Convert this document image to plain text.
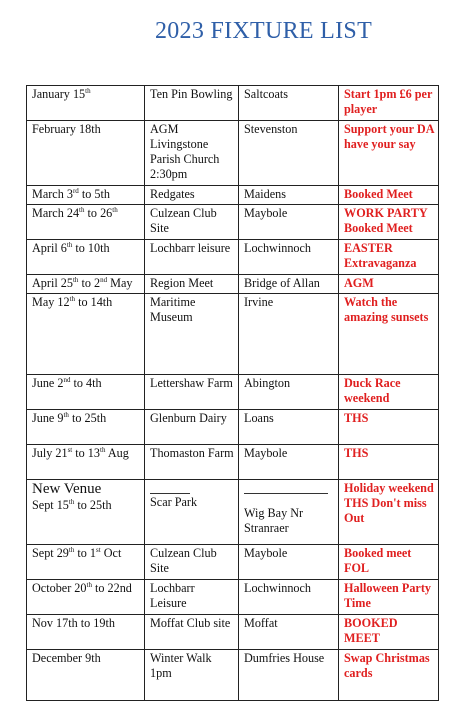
2023 FIXTURE LIST
January 15th	Ten Pin Bowling	Saltcoats	Start 1pm £6 per player
February 18th	AGM Livingstone Parish Church 2:30pm	Stevenston	Support your DA have your say
March 3rd to 5th	Redgates	Maidens	Booked Meet
March 24th to 26th	Culzean Club Site	Maybole	WORK PARTY Booked Meet
April 6th to 10th	Lochbarr leisure	Lochwinnoch	EASTER Extravaganza
April 25th to 2nd May	Region Meet	Bridge of Allan	AGM
May 12th to 14th	Maritime Museum	Irvine	Watch the amazing sunsets
June 2nd to 4th	Lettershaw Farm	Abington	Duck Race weekend
June 9th to 25th	Glenburn Dairy	Loans	THS
July 21st to 13th Aug	Thomaston Farm	Maybole	THS

New Venue
Sept 15th to 25th	Scar Park	Wig Bay Nr Stranraer	Holiday weekend THS Don't miss Out
Sept 29th to 1st Oct	Culzean Club Site	Maybole	Booked meet FOL
October 20th to 22nd	Lochbarr Leisure	Lochwinnoch	Halloween Party Time
Nov 17th to 19th	Moffat Club site	Moffat	BOOKED MEET
December 9th	Winter Walk 1pm	Dumfries House	Swap Christmas cards
